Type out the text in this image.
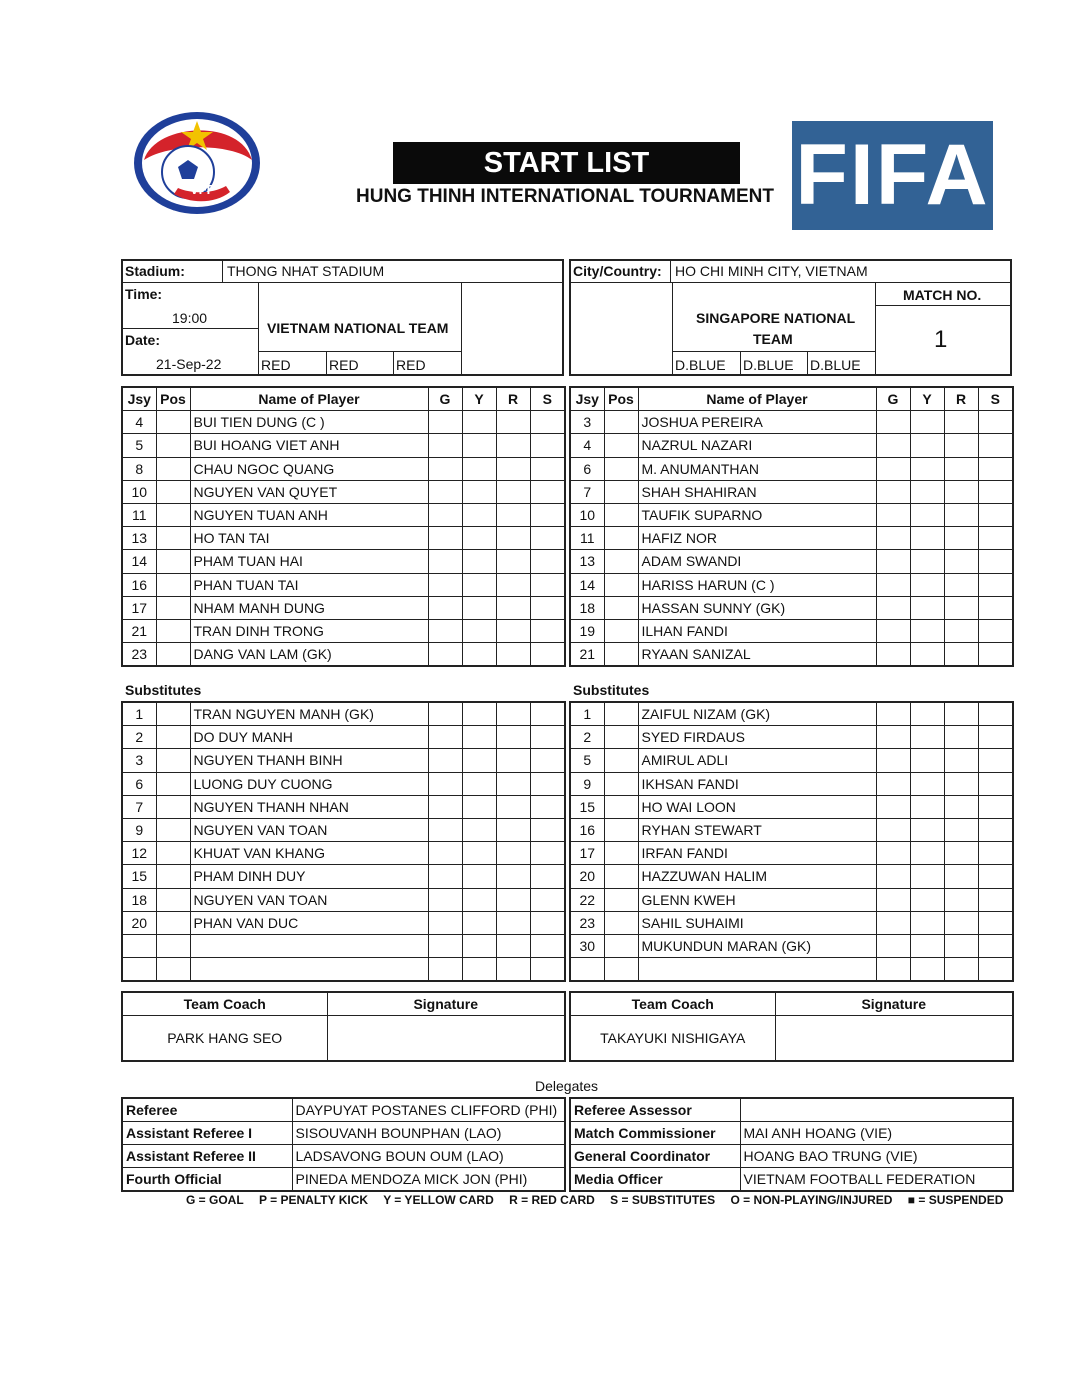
VFF
START LIST
HUNG THINH INTERNATIONAL TOURNAMENT FIFA
Stadium:	THONG NHAT STADIUM
Time:
19:00
Date:
21-Sep-22
VIETNAM NATIONAL TEAM
RED	RED	RED
City/Country: HO CHI MINH CITY, VIETNAM
MATCH NO.
1
SINGAPORE NATIONAL
TEAM
D.BLUE D.BLUE D.BLUE
Jsy	Pos	Name of Player	G	Y	R	S
4		BUI TIEN DUNG (C )				
5		BUI HOANG VIET ANH				
8		CHAU NGOC QUANG				
10		NGUYEN VAN QUYET				
11		NGUYEN TUAN ANH				
13		HO TAN TAI				
14		PHAM TUAN HAI				
16		PHAN TUAN TAI				
17		NHAM MANH DUNG				
21		TRAN DINH TRONG				
23		DANG VAN LAM (GK)				
Jsy	Pos	Name of Player	G	Y	R	S
3		JOSHUA PEREIRA				
4		NAZRUL NAZARI				
6		M. ANUMANTHAN				
7		SHAH SHAHIRAN				
10		TAUFIK SUPARNO				
11		HAFIZ NOR				
13		ADAM SWANDI				
14		HARISS HARUN (C )				
18		HASSAN SUNNY (GK)				
19		ILHAN FANDI				
21		RYAAN SANIZAL				
Substitutes	Substitutes
1		TRAN NGUYEN MANH (GK)				
2		DO DUY MANH				
3		NGUYEN THANH BINH				
6		LUONG DUY CUONG				
7		NGUYEN THANH NHAN				
9		NGUYEN VAN TOAN				
12		KHUAT VAN KHANG				
15		PHAM DINH DUY				
18		NGUYEN VAN TOAN				
20		PHAN VAN DUC				

1		ZAIFUL NIZAM (GK)				
2		SYED FIRDAUS				
5		AMIRUL ADLI				
9		IKHSAN FANDI				
15		HO WAI LOON				
16		RYHAN STEWART				
17		IRFAN FANDI				
20		HAZZUWAN HALIM				
22		GLENN KWEH				
23		SAHIL SUHAIMI				
30		MUKUNDUN MARAN (GK)				

Team Coach	Signature
PARK HANG SEO	
Team Coach	Signature
TAKAYUKI NISHIGAYA	
Delegates
Referee	DAYPUYAT POSTANES CLIFFORD (PHI)
Assistant Referee I	SISOUVANH BOUNPHAN (LAO)
Assistant Referee II	LADSAVONG BOUN OUM (LAO)
Fourth Official	PINEDA MENDOZA MICK JON (PHI)
Referee Assessor	
Match Commissioner	MAI ANH HOANG (VIE)
General Coordinator	HOANG BAO TRUNG (VIE)
Media Officer	VIETNAM FOOTBALL FEDERATION
G = GOAL P = PENALTY KICK Y = YELLOW CARD R = RED CARD S = SUBSTITUTES O = NON-PLAYING/INJURED ■ = SUSPENDED
